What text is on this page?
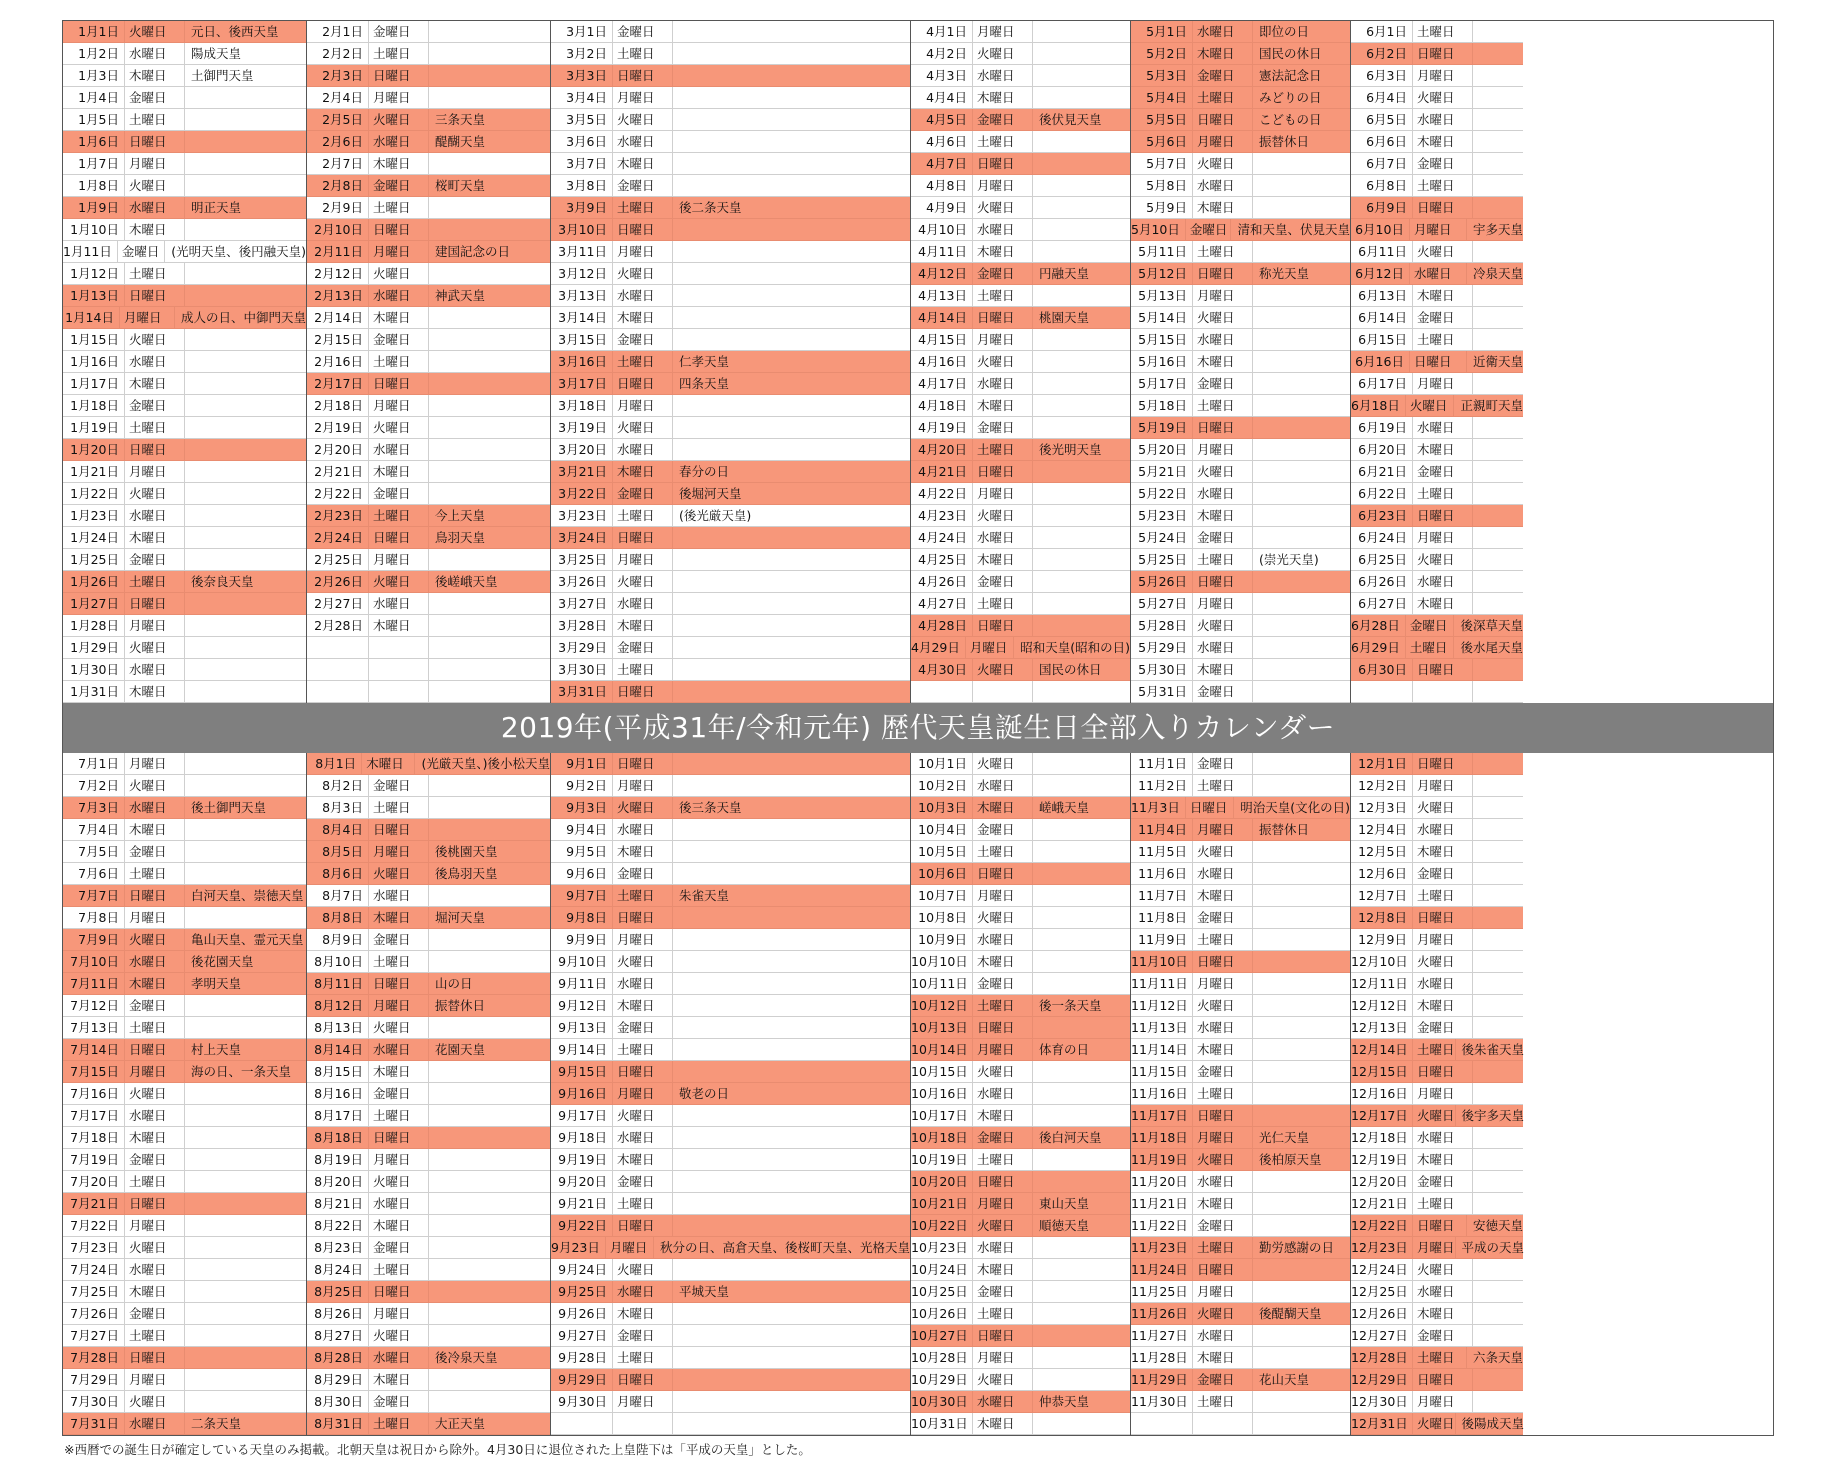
1月1日 火曜日	元日、後西天皇
1月2日 水曜日	陽成天皇
1月3日 木曜日	土御門天皇
1月4日 金曜日
1月5日 土曜日
1月6日 日曜日
1月7日 月曜日
1月8日 火曜日
1月9日 水曜日	明正天皇
1月10日 木曜日
1月11日 金曜日 (光明天皇、後円融天皇)
1月12日 土曜日
1月13日 日曜日
1月14日 月曜日	成人の日、中御門天皇
1月15日 火曜日
1月16日 水曜日
1月17日 木曜日
1月18日 金曜日
1月19日 土曜日
1月20日 日曜日
1月21日 月曜日
1月22日 火曜日
1月23日 水曜日
1月24日 木曜日
1月25日 金曜日
1月26日 土曜日	後奈良天皇
1月27日 日曜日
1月28日 月曜日
1月29日 火曜日
1月30日 水曜日
1月31日 木曜日
2月1日 金曜日
2月2日 土曜日
2月3日 日曜日
2月4日 月曜日
2月5日 火曜日	三条天皇
2月6日 水曜日	醍醐天皇
2月7日 木曜日
2月8日 金曜日	桜町天皇
2月9日 土曜日
2月10日 日曜日
2月11日 月曜日	建国記念の日
2月12日 火曜日
2月13日 水曜日	神武天皇
2月14日 木曜日
2月15日 金曜日
2月16日 土曜日
2月17日 日曜日
2月18日 月曜日
2月19日 火曜日
2月20日 水曜日
2月21日 木曜日
2月22日 金曜日
2月23日 土曜日	今上天皇
2月24日 日曜日	鳥羽天皇
2月25日 月曜日
2月26日 火曜日	後嵯峨天皇
2月27日 水曜日
2月28日 木曜日
3月1日 金曜日
3月2日 土曜日
3月3日 日曜日
3月4日 月曜日
3月5日 火曜日
3月6日 水曜日
3月7日 木曜日
3月8日 金曜日
3月9日 土曜日	後二条天皇
3月10日 日曜日
3月11日 月曜日
3月12日 火曜日
3月13日 水曜日
3月14日 木曜日
3月15日 金曜日
3月16日 土曜日	仁孝天皇
3月17日 日曜日	四条天皇
3月18日 月曜日
3月19日 火曜日
3月20日 水曜日
3月21日 木曜日	春分の日
3月22日 金曜日	後堀河天皇
3月23日 土曜日	(後光厳天皇)
3月24日 日曜日
3月25日 月曜日
3月26日 火曜日
3月27日 水曜日
3月28日 木曜日
3月29日 金曜日
3月30日 土曜日
3月31日 日曜日
4月1日 月曜日
4月2日 火曜日
4月3日 水曜日
4月4日 木曜日
4月5日 金曜日	後伏見天皇
4月6日 土曜日
4月7日 日曜日
4月8日 月曜日
4月9日 火曜日
4月10日 水曜日
4月11日 木曜日
4月12日 金曜日	円融天皇
4月13日 土曜日
4月14日 日曜日	桃園天皇
4月15日 月曜日
4月16日 火曜日
4月17日 水曜日
4月18日 木曜日
4月19日 金曜日
4月20日 土曜日	後光明天皇
4月21日 日曜日
4月22日 月曜日
4月23日 火曜日
4月24日 水曜日
4月25日 木曜日
4月26日 金曜日
4月27日 土曜日
4月28日 日曜日
4月29日 月曜日	昭和天皇(昭和の日)
4月30日 火曜日	国民の休日
5月1日 水曜日	即位の日
5月2日 木曜日	国民の休日
5月3日 金曜日	憲法記念日
5月4日 土曜日	みどりの日
5月5日 日曜日	こどもの日
5月6日 月曜日	振替休日
5月7日 火曜日
5月8日 水曜日
5月9日 木曜日
5月10日 金曜日 清和天皇、伏見天皇
5月11日 土曜日
5月12日 日曜日	称光天皇
5月13日 月曜日
5月14日 火曜日
5月15日 水曜日
5月16日 木曜日
5月17日 金曜日
5月18日 土曜日
5月19日 日曜日
5月20日 月曜日
5月21日 火曜日
5月22日 水曜日
5月23日 木曜日
5月24日 金曜日
5月25日 土曜日	(崇光天皇)
5月26日 日曜日
5月27日 月曜日
5月28日 火曜日
5月29日 水曜日
5月30日 木曜日
5月31日 金曜日
6月1日 土曜日
6月2日 日曜日
6月3日 月曜日
6月4日 火曜日
6月5日 水曜日
6月6日 木曜日
6月7日 金曜日
6月8日 土曜日
6月9日 日曜日
6月10日 月曜日	宇多天皇
6月11日 火曜日
6月12日 水曜日	冷泉天皇
6月13日 木曜日
6月14日 金曜日
6月15日 土曜日
6月16日 日曜日	近衛天皇
6月17日 月曜日
6月18日 火曜日	正親町天皇
6月19日 水曜日
6月20日 木曜日
6月21日 金曜日
6月22日 土曜日
6月23日 日曜日
6月24日 月曜日
6月25日 火曜日
6月26日 水曜日
6月27日 木曜日
6月28日 金曜日	後深草天皇
6月29日 土曜日	後水尾天皇
6月30日 日曜日
2019年(平成31年/令和元年) 歴代天皇誕生日全部入りカレンダー
7月1日 月曜日
7月2日 火曜日
7月3日 水曜日	後土御門天皇
7月4日 木曜日
7月5日 金曜日
7月6日 土曜日
7月7日 日曜日	白河天皇、崇徳天皇
7月8日 月曜日
7月9日 火曜日	亀山天皇、霊元天皇
7月10日 水曜日	後花園天皇
7月11日 木曜日	孝明天皇
7月12日 金曜日
7月13日 土曜日
7月14日 日曜日	村上天皇
7月15日 月曜日	海の日、一条天皇
7月16日 火曜日
7月17日 水曜日
7月18日 木曜日
7月19日 金曜日
7月20日 土曜日
7月21日 日曜日
7月22日 月曜日
7月23日 火曜日
7月24日 水曜日
7月25日 木曜日
7月26日 金曜日
7月27日 土曜日
7月28日 日曜日
7月29日 月曜日
7月30日 火曜日
7月31日 水曜日	二条天皇
8月1日 木曜日	(光厳天皇、)後小松天皇
8月2日 金曜日
8月3日 土曜日
8月4日 日曜日
8月5日 月曜日	後桃園天皇
8月6日 火曜日	後鳥羽天皇
8月7日 水曜日
8月8日 木曜日	堀河天皇
8月9日 金曜日
8月10日 土曜日
8月11日 日曜日	山の日
8月12日 月曜日	振替休日
8月13日 火曜日
8月14日 水曜日	花園天皇
8月15日 木曜日
8月16日 金曜日
8月17日 土曜日
8月18日 日曜日
8月19日 月曜日
8月20日 火曜日
8月21日 水曜日
8月22日 木曜日
8月23日 金曜日
8月24日 土曜日
8月25日 日曜日
8月26日 月曜日
8月27日 火曜日
8月28日 水曜日	後冷泉天皇
8月29日 木曜日
8月30日 金曜日
8月31日 土曜日	大正天皇
9月1日 日曜日
9月2日 月曜日
9月3日 火曜日	後三条天皇
9月4日 水曜日
9月5日 木曜日
9月6日 金曜日
9月7日 土曜日	朱雀天皇
9月8日 日曜日
9月9日 月曜日
9月10日 火曜日
9月11日 水曜日
9月12日 木曜日
9月13日 金曜日
9月14日 土曜日
9月15日 日曜日
9月16日 月曜日	敬老の日
9月17日 火曜日
9月18日 水曜日
9月19日 木曜日
9月20日 金曜日
9月21日 土曜日
9月22日 日曜日
9月23日 月曜日	秋分の日、高倉天皇、後桜町天皇、光格天皇
9月24日 火曜日
9月25日 水曜日	平城天皇
9月26日 木曜日
9月27日 金曜日
9月28日 土曜日
9月29日 日曜日
9月30日 月曜日
10月1日 火曜日
10月2日 水曜日
10月3日 木曜日	嵯峨天皇
10月4日 金曜日
10月5日 土曜日
10月6日 日曜日
10月7日 月曜日
10月8日 火曜日
10月9日 水曜日
10月10日 木曜日
10月11日 金曜日
10月12日 土曜日	後一条天皇
10月13日 日曜日
10月14日 月曜日	体育の日
10月15日 火曜日
10月16日 水曜日
10月17日 木曜日
10月18日 金曜日	後白河天皇
10月19日 土曜日
10月20日 日曜日
10月21日 月曜日	東山天皇
10月22日 火曜日	順徳天皇
10月23日 水曜日
10月24日 木曜日
10月25日 金曜日
10月26日 土曜日
10月27日 日曜日
10月28日 月曜日
10月29日 火曜日
10月30日 水曜日	仲恭天皇
10月31日 木曜日
11月1日 金曜日
11月2日 土曜日
11月3日 日曜日	明治天皇(文化の日)
11月4日 月曜日	振替休日
11月5日 火曜日
11月6日 水曜日
11月7日 木曜日
11月8日 金曜日
11月9日 土曜日
11月10日 日曜日
11月11日 月曜日
11月12日 火曜日
11月13日 水曜日
11月14日 木曜日
11月15日 金曜日
11月16日 土曜日
11月17日 日曜日
11月18日 月曜日	光仁天皇
11月19日 火曜日	後柏原天皇
11月20日 水曜日
11月21日 木曜日
11月22日 金曜日
11月23日 土曜日	勤労感謝の日
11月24日 日曜日
11月25日 月曜日
11月26日 火曜日	後醍醐天皇
11月27日 水曜日
11月28日 木曜日
11月29日 金曜日	花山天皇
11月30日 土曜日
12月1日 日曜日
12月2日 月曜日
12月3日 火曜日
12月4日 水曜日
12月5日 木曜日
12月6日 金曜日
12月7日 土曜日
12月8日 日曜日
12月9日 月曜日
12月10日 火曜日
12月11日 水曜日
12月12日 木曜日
12月13日 金曜日
12月14日 土曜日 後朱雀天皇
12月15日 日曜日
12月16日 月曜日
12月17日 火曜日 後宇多天皇
12月18日 水曜日
12月19日 木曜日
12月20日 金曜日
12月21日 土曜日
12月22日 日曜日	安徳天皇
12月23日 月曜日 平成の天皇
12月24日 火曜日
12月25日 水曜日
12月26日 木曜日
12月27日 金曜日
12月28日 土曜日	六条天皇
12月29日 日曜日
12月30日 月曜日
12月31日 火曜日 後陽成天皇
※西暦での誕生日が確定している天皇のみ掲載。北朝天皇は祝日から除外。4月30日に退位された上皇陛下は「平成の天皇」とした。
